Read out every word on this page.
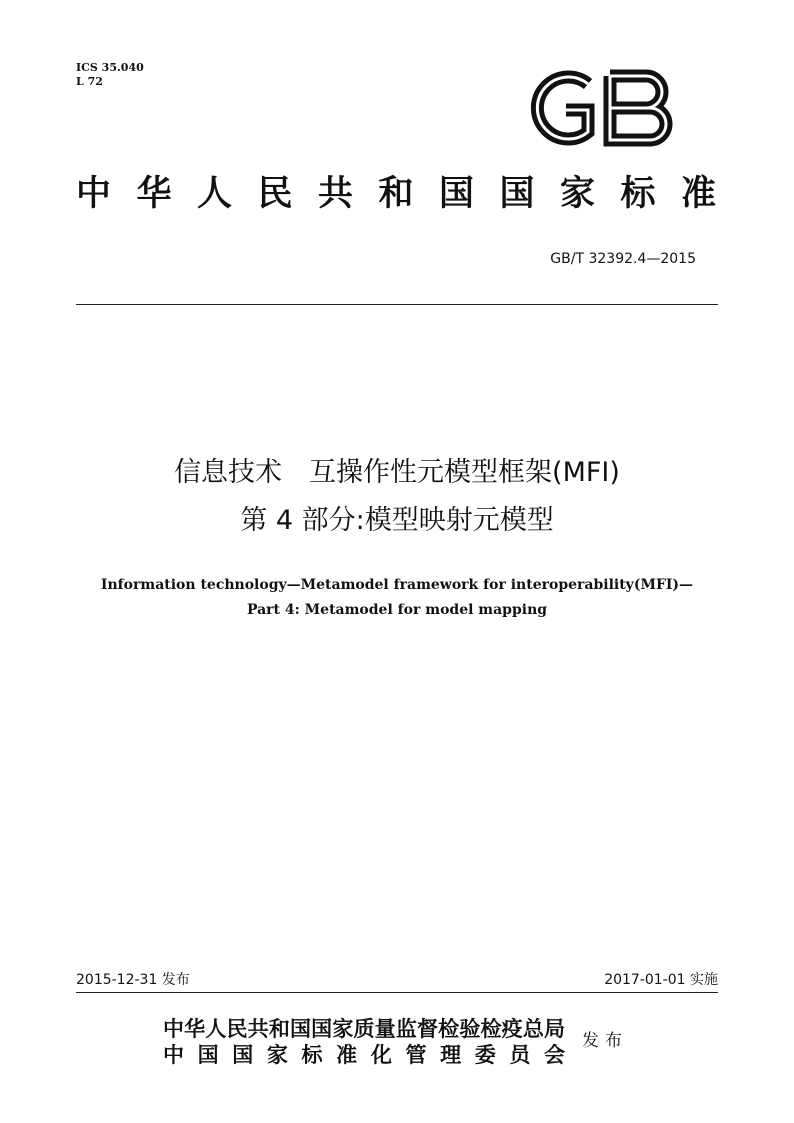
ICS 35.040
L 72
中华人民共和国国家标准
GB/T 32392.4—2015
信息技术　互操作性元模型框架(MFI)
第 4 部分:模型映射元模型
Information technology—Metamodel framework for interoperability(MFI)—
Part 4: Metamodel for model mapping
2015-12-31 发布	2017-01-01 实施
中华人民共和国国家质量监督检验检疫总局
中国国家标准化管理委员会
发布
